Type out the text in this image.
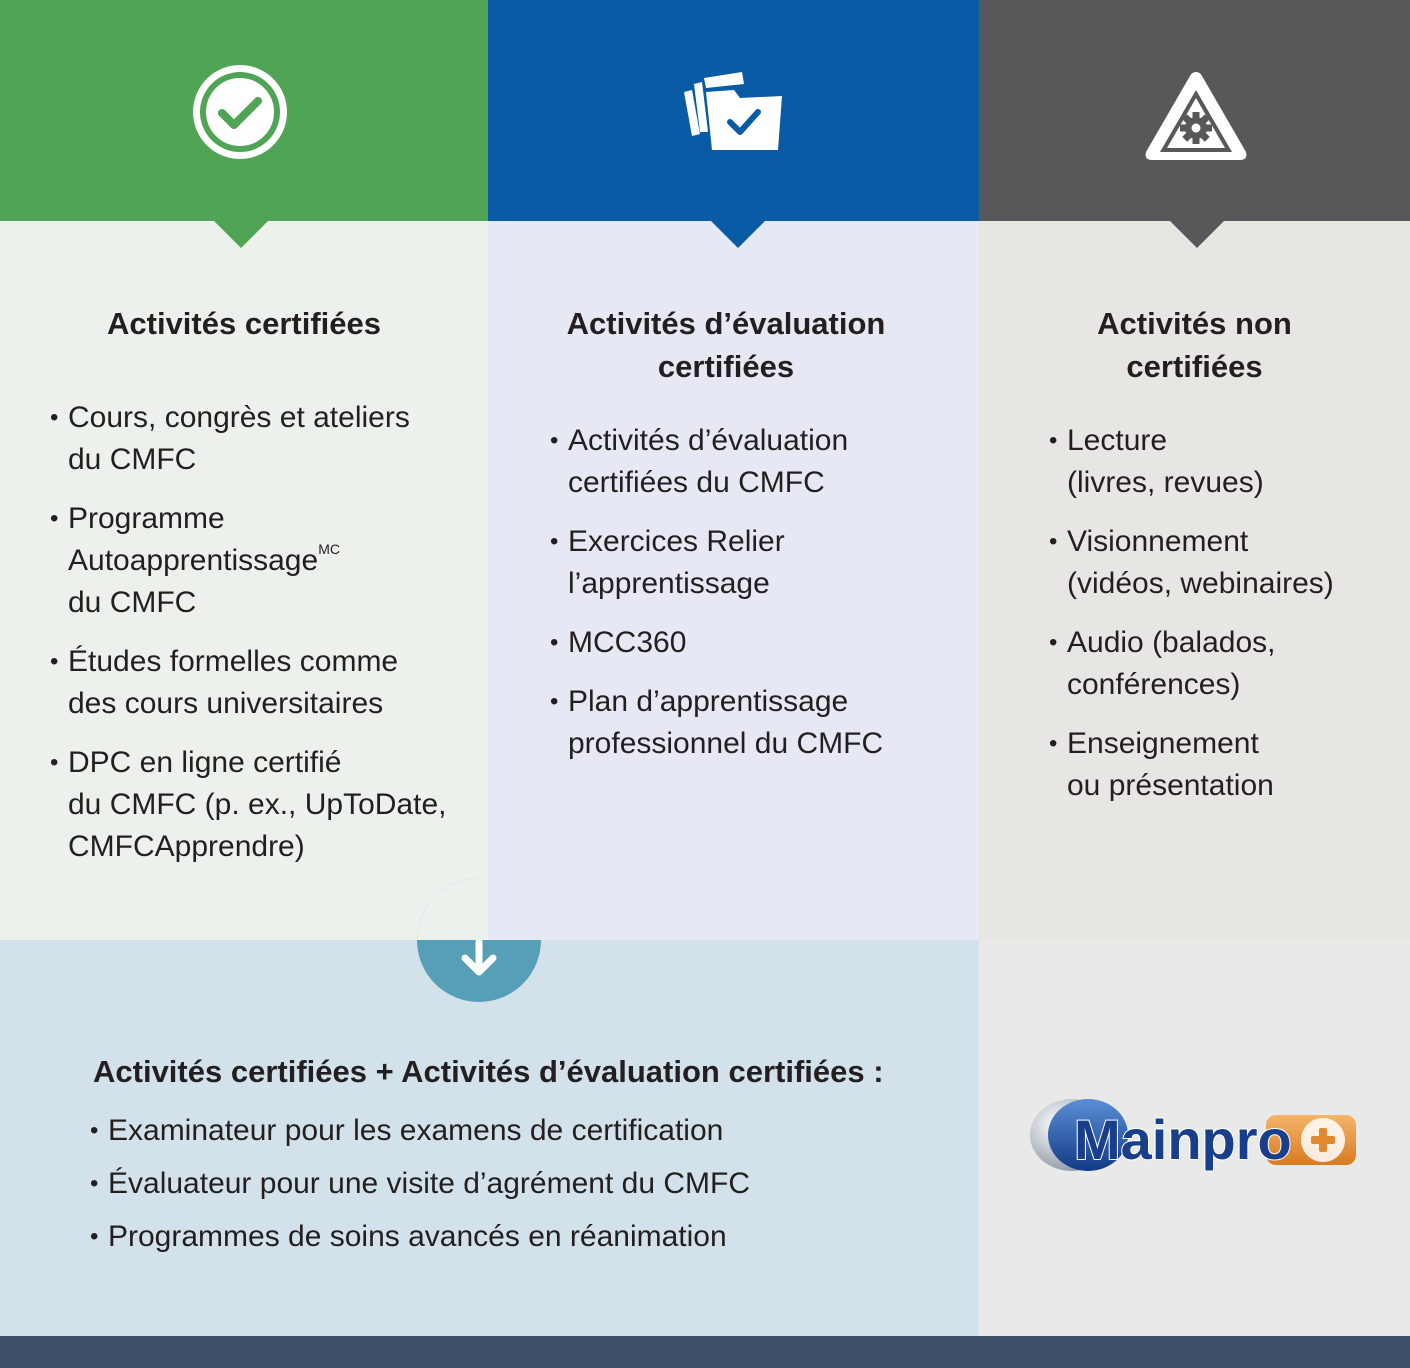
Activités certifiées
• Cours, congrès et ateliers
du CMFC
• Programme
Autoapprentissage$^{MC}$
du CMFC
• Études formelles comme
des cours universitaires
• DPC en ligne certifié
du CMFC (p. ex., UpToDate,
CMFCApprendre)
Activités d’évaluation
certifiées
• Activités d’évaluation
certifiées du CMFC
• Exercices Relier
l’apprentissage
• MCC360
• Plan d’apprentissage
professionnel du CMFC
Activités non
certifiées
• Lecture
(livres, revues)
• Visionnement
(vidéos, webinaires)
• Audio (balados,
conférences)
• Enseignement
ou présentation
Activités certifiées + Activités d’évaluation certifiées :
• Examinateur pour les examens de certification
• Évaluateur pour une visite d’agrément du CMFC
• Programmes de soins avancés en réanimation
Mainpro
